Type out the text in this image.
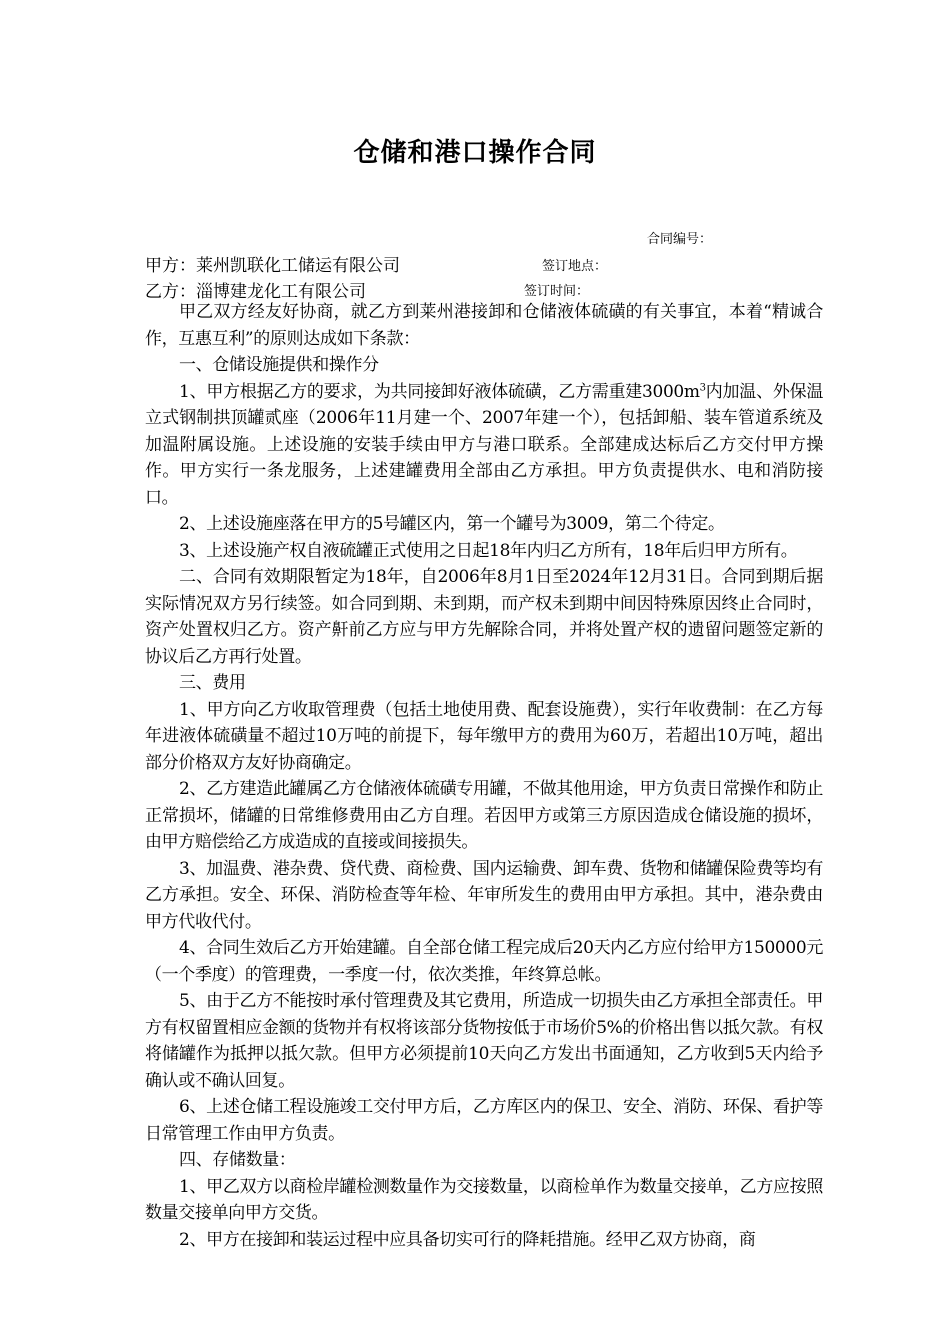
仓储和港口操作合同
合同编号：
甲方：莱州凯联化工储运有限公司	签订地点：
乙方：淄博建龙化工有限公司	签订时间：

甲乙双方经友好协商，就乙方到莱州港接卸和仓储液体硫磺的有关事宜，本着“精诚合作，互惠互利”的原则达成如下条款：

一、仓储设施提供和操作分

1、甲方根据乙方的要求，为共同接卸好液体硫磺，乙方需重建$3000m^3$内加温、外保温立式钢制拱顶罐贰座（2006年11月建一个、2007年建一个），包括卸船、装车管道系统及加温附属设施。上述设施的安装手续由甲方与港口联系。全部建成达标后乙方交付甲方操作。甲方实行一条龙服务，上述建罐费用全部由乙方承担。甲方负责提供水、电和消防接口。

2、上述设施座落在甲方的5号罐区内，第一个罐号为3009，第二个待定。

3、上述设施产权自液硫罐正式使用之日起18年内归乙方所有，18年后归甲方所有。

二、合同有效期限暂定为18年，自2006年8月1日至2024年12月31日。合同到期后据实际情况双方另行续签。如合同到期、未到期，而产权未到期中间因特殊原因终止合同时，资产处置权归乙方。资产鼾前乙方应与甲方先解除合同，并将处置产权的遗留问题签定新的协议后乙方再行处置。

三、费用

1、甲方向乙方收取管理费（包括土地使用费、配套设施费），实行年收费制：在乙方每年进液体硫磺量不超过10万吨的前提下，每年缴甲方的费用为60万，若超出10万吨，超出部分价格双方友好协商确定。

2、乙方建造此罐属乙方仓储液体硫磺专用罐，不做其他用途，甲方负责日常操作和防止正常损坏，储罐的日常维修费用由乙方自理。若因甲方或第三方原因造成仓储设施的损坏，由甲方赔偿给乙方成造成的直接或间接损失。

3、加温费、港杂费、贷代费、商检费、国内运输费、卸车费、货物和储罐保险费等均有乙方承担。安全、环保、消防检查等年检、年审所发生的费用由甲方承担。其中，港杂费由甲方代收代付。

4、合同生效后乙方开始建罐。自全部仓储工程完成后20天内乙方应付给甲方150000元（一个季度）的管理费，一季度一付，依次类推，年终算总帐。

5、由于乙方不能按时承付管理费及其它费用，所造成一切损失由乙方承担全部责任。甲方有权留置相应金额的货物并有权将该部分货物按低于市场价5%的价格出售以抵欠款。有权将储罐作为抵押以抵欠款。但甲方必须提前10天向乙方发出书面通知，乙方收到5天内给予确认或不确认回复。

6、上述仓储工程设施竣工交付甲方后，乙方库区内的保卫、安全、消防、环保、看护等日常管理工作由甲方负责。

四、存储数量：

1、甲乙双方以商检岸罐检测数量作为交接数量，以商检单作为数量交接单，乙方应按照数量交接单向甲方交货。

2、甲方在接卸和装运过程中应具备切实可行的降耗措施。经甲乙双方协商，商
